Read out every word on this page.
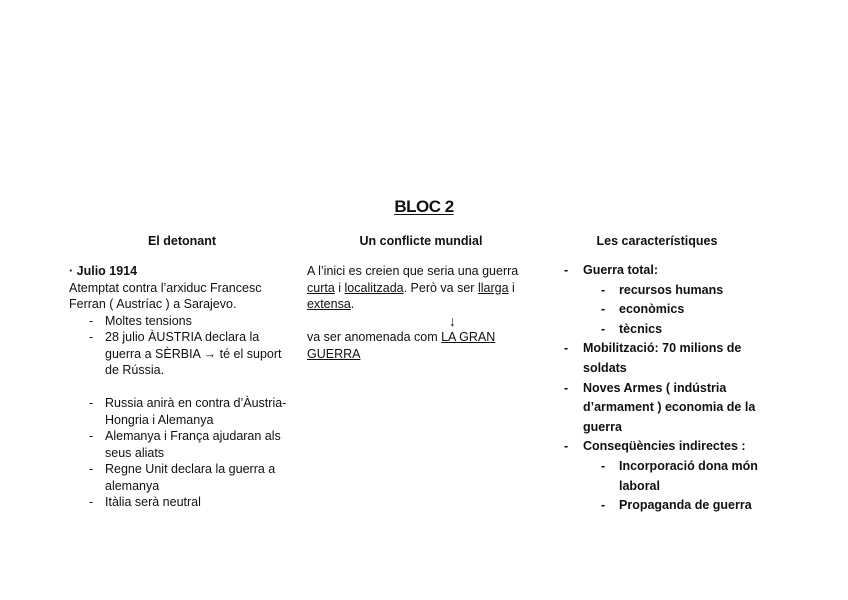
BLOC 2
El detonant	Un conflicte mundial	Les característiques
· Julio 1914
Atemptat contra l’arxiduc Francesc Ferran ( Austríac ) a Sarajevo.
- Moltes tensions
- 28 julio ÀUSTRIA declara la guerra a SÈRBIA → té el suport de Rússia.
- Russia anirà en contra d’Àustria-Hongria i Alemanya
- Alemanya i França ajudaran als seus aliats
- Regne Unit declara la guerra a alemanya
- Itàlia serà neutral
A l’inici es creien que seria una guerra curta i localitzada. Però va ser llarga i extensa.
↓
va ser anomenada com LA GRAN GUERRA
- Guerra total:
- recursos humans
- econòmics
- tècnics
- Mobilització: 70 milions de soldats
- Noves Armes ( indústria d’armament ) economia de la guerra
- Conseqüències indirectes :
- Incorporació dona món laboral
- Propaganda de guerra
